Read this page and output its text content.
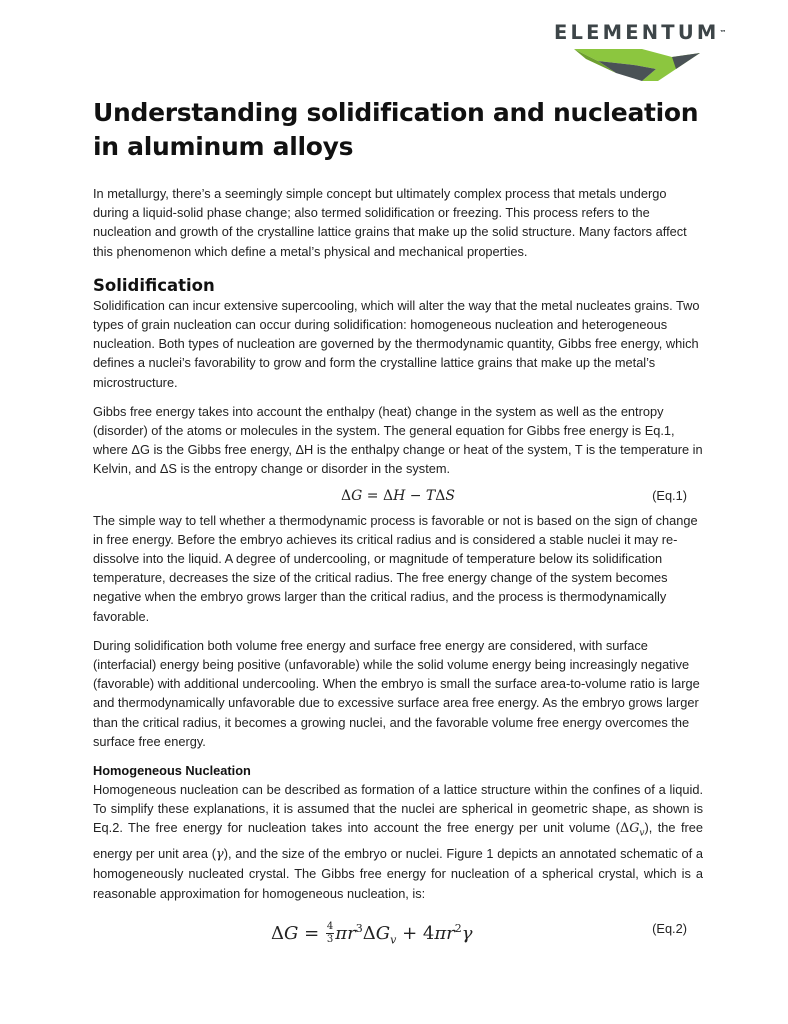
ELEMENTUM™
Understanding solidification and nucleation in aluminum alloys

In metallurgy, there’s a seemingly simple concept but ultimately complex process that metals undergo during a liquid-solid phase change; also termed solidification or freezing. This process refers to the nucleation and growth of the crystalline lattice grains that make up the solid structure. Many factors affect this phenomenon which define a metal’s physical and mechanical properties.

Solidification

Solidification can incur extensive supercooling, which will alter the way that the metal nucleates grains. Two types of grain nucleation can occur during solidification: homogeneous nucleation and heterogeneous nucleation. Both types of nucleation are governed by the thermodynamic quantity, Gibbs free energy, which defines a nuclei’s favorability to grow and form the crystalline lattice grains that make up the metal’s microstructure.

Gibbs free energy takes into account the enthalpy (heat) change in the system as well as the entropy (disorder) of the atoms or molecules in the system. The general equation for Gibbs free energy is Eq.1, where ΔG is the Gibbs free energy, ΔH is the enthalpy change or heat of the system, T is the temperature in Kelvin, and ΔS is the entropy change or disorder in the system.

ΔG = ΔH − TΔS	(Eq.1)

The simple way to tell whether a thermodynamic process is favorable or not is based on the sign of change in free energy. Before the embryo achieves its critical radius and is considered a stable nuclei it may re-dissolve into the liquid. A degree of undercooling, or magnitude of temperature below its solidification temperature, decreases the size of the critical radius. The free energy change of the system becomes negative when the embryo grows larger than the critical radius, and the process is thermodynamically favorable.

During solidification both volume free energy and surface free energy are considered, with surface (interfacial) energy being positive (unfavorable) while the solid volume energy being increasingly negative (favorable) with additional undercooling. When the embryo is small the surface area-to-volume ratio is large and thermodynamically unfavorable due to excessive surface area free energy. As the embryo grows larger than the critical radius, it becomes a growing nuclei, and the favorable volume free energy overcomes the surface free energy.

Homogeneous Nucleation

Homogeneous nucleation can be described as formation of a lattice structure within the confines of a liquid. To simplify these explanations, it is assumed that the nuclei are spherical in geometric shape, as shown is Eq.2. The free energy for nucleation takes into account the free energy per unit volume $(\Delta G_v)$, the free energy per unit area (γ), and the size of the embryo or nuclei. Figure 1 depicts an annotated schematic of a homogeneously nucleated crystal. The Gibbs free energy for nucleation of a spherical crystal, which is a reasonable approximation for homogeneous nucleation, is:

$\Delta G = \frac{4}{3} \pi r^3\Delta G_v + 4\pi r^2\gamma$	(Eq.2)
